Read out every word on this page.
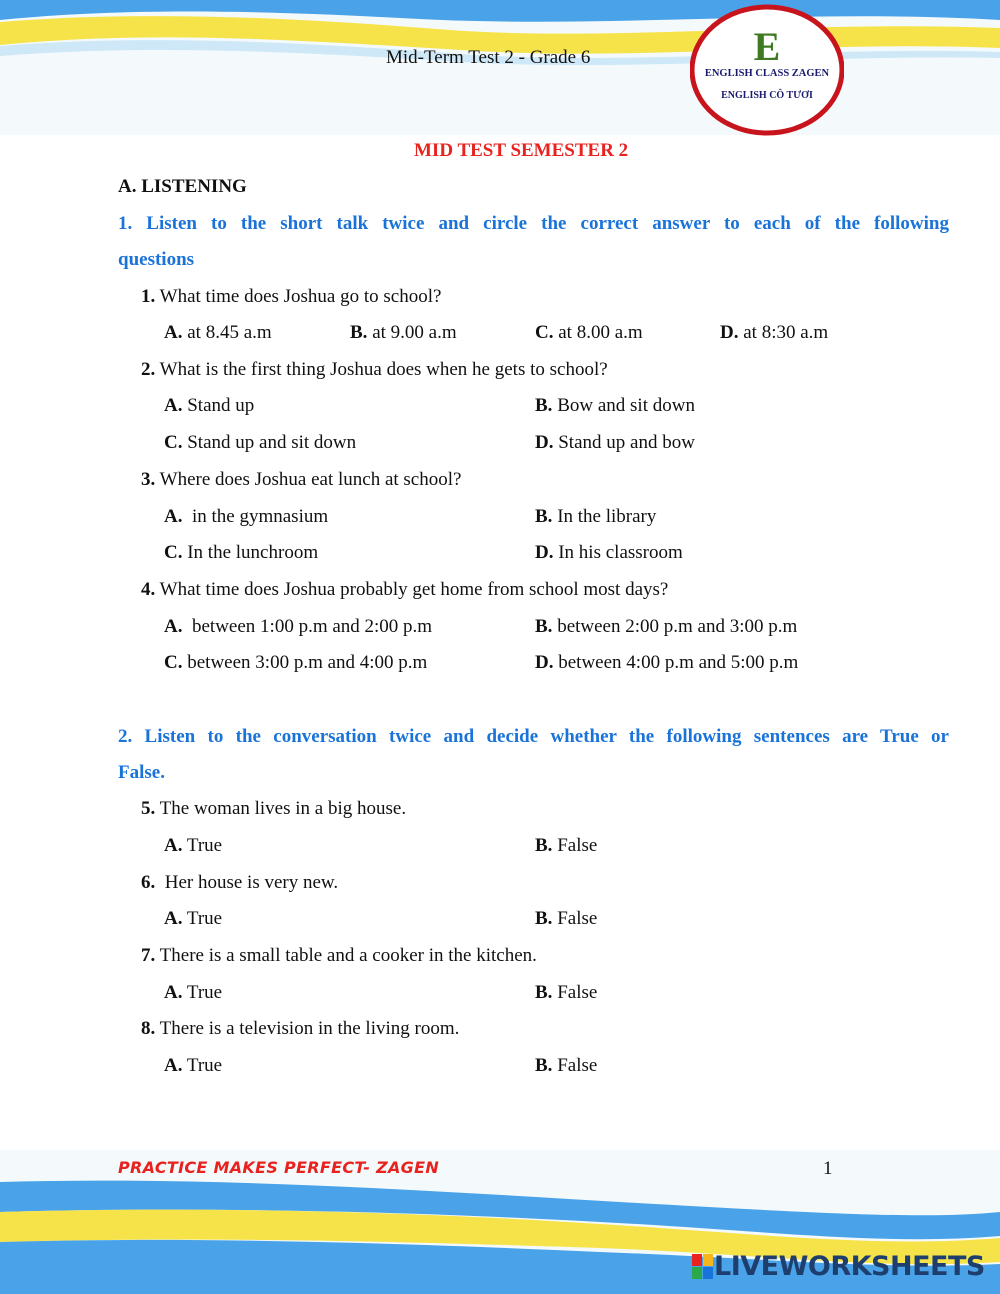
Mid-Term Test 2 - Grade 6	E
ENGLISH CLASS ZAGEN
ENGLISH CÔ TƯƠI
MID TEST SEMESTER 2
A. LISTENING
1. Listen to the short talk twice and circle the correct answer to each of the following
questions
1. What time does Joshua go to school?
A. at 8.45 a.m	B. at 9.00 a.m	C. at 8.00 a.m	D. at 8:30 a.m
2. What is the first thing Joshua does when he gets to school?
A. Stand up	B. Bow and sit down
C. Stand up and sit down	D. Stand up and bow
3. Where does Joshua eat lunch at school?
A.  in the gymnasium	B. In the library
C. In the lunchroom	D. In his classroom
4. What time does Joshua probably get home from school most days?
A.  between 1:00 p.m and 2:00 p.m	B. between 2:00 p.m and 3:00 p.m
C. between 3:00 p.m and 4:00 p.m	D. between 4:00 p.m and 5:00 p.m
2. Listen to the conversation twice and decide whether the following sentences are True or
False.
5. The woman lives in a big house.
A. True	B. False
6.  Her house is very new.
A. True	B. False
7. There is a small table and a cooker in the kitchen.
A. True	B. False
8. There is a television in the living room.
A. True	B. False
PRACTICE MAKES PERFECT- ZAGEN	1
LIVEWORKSHEETS
